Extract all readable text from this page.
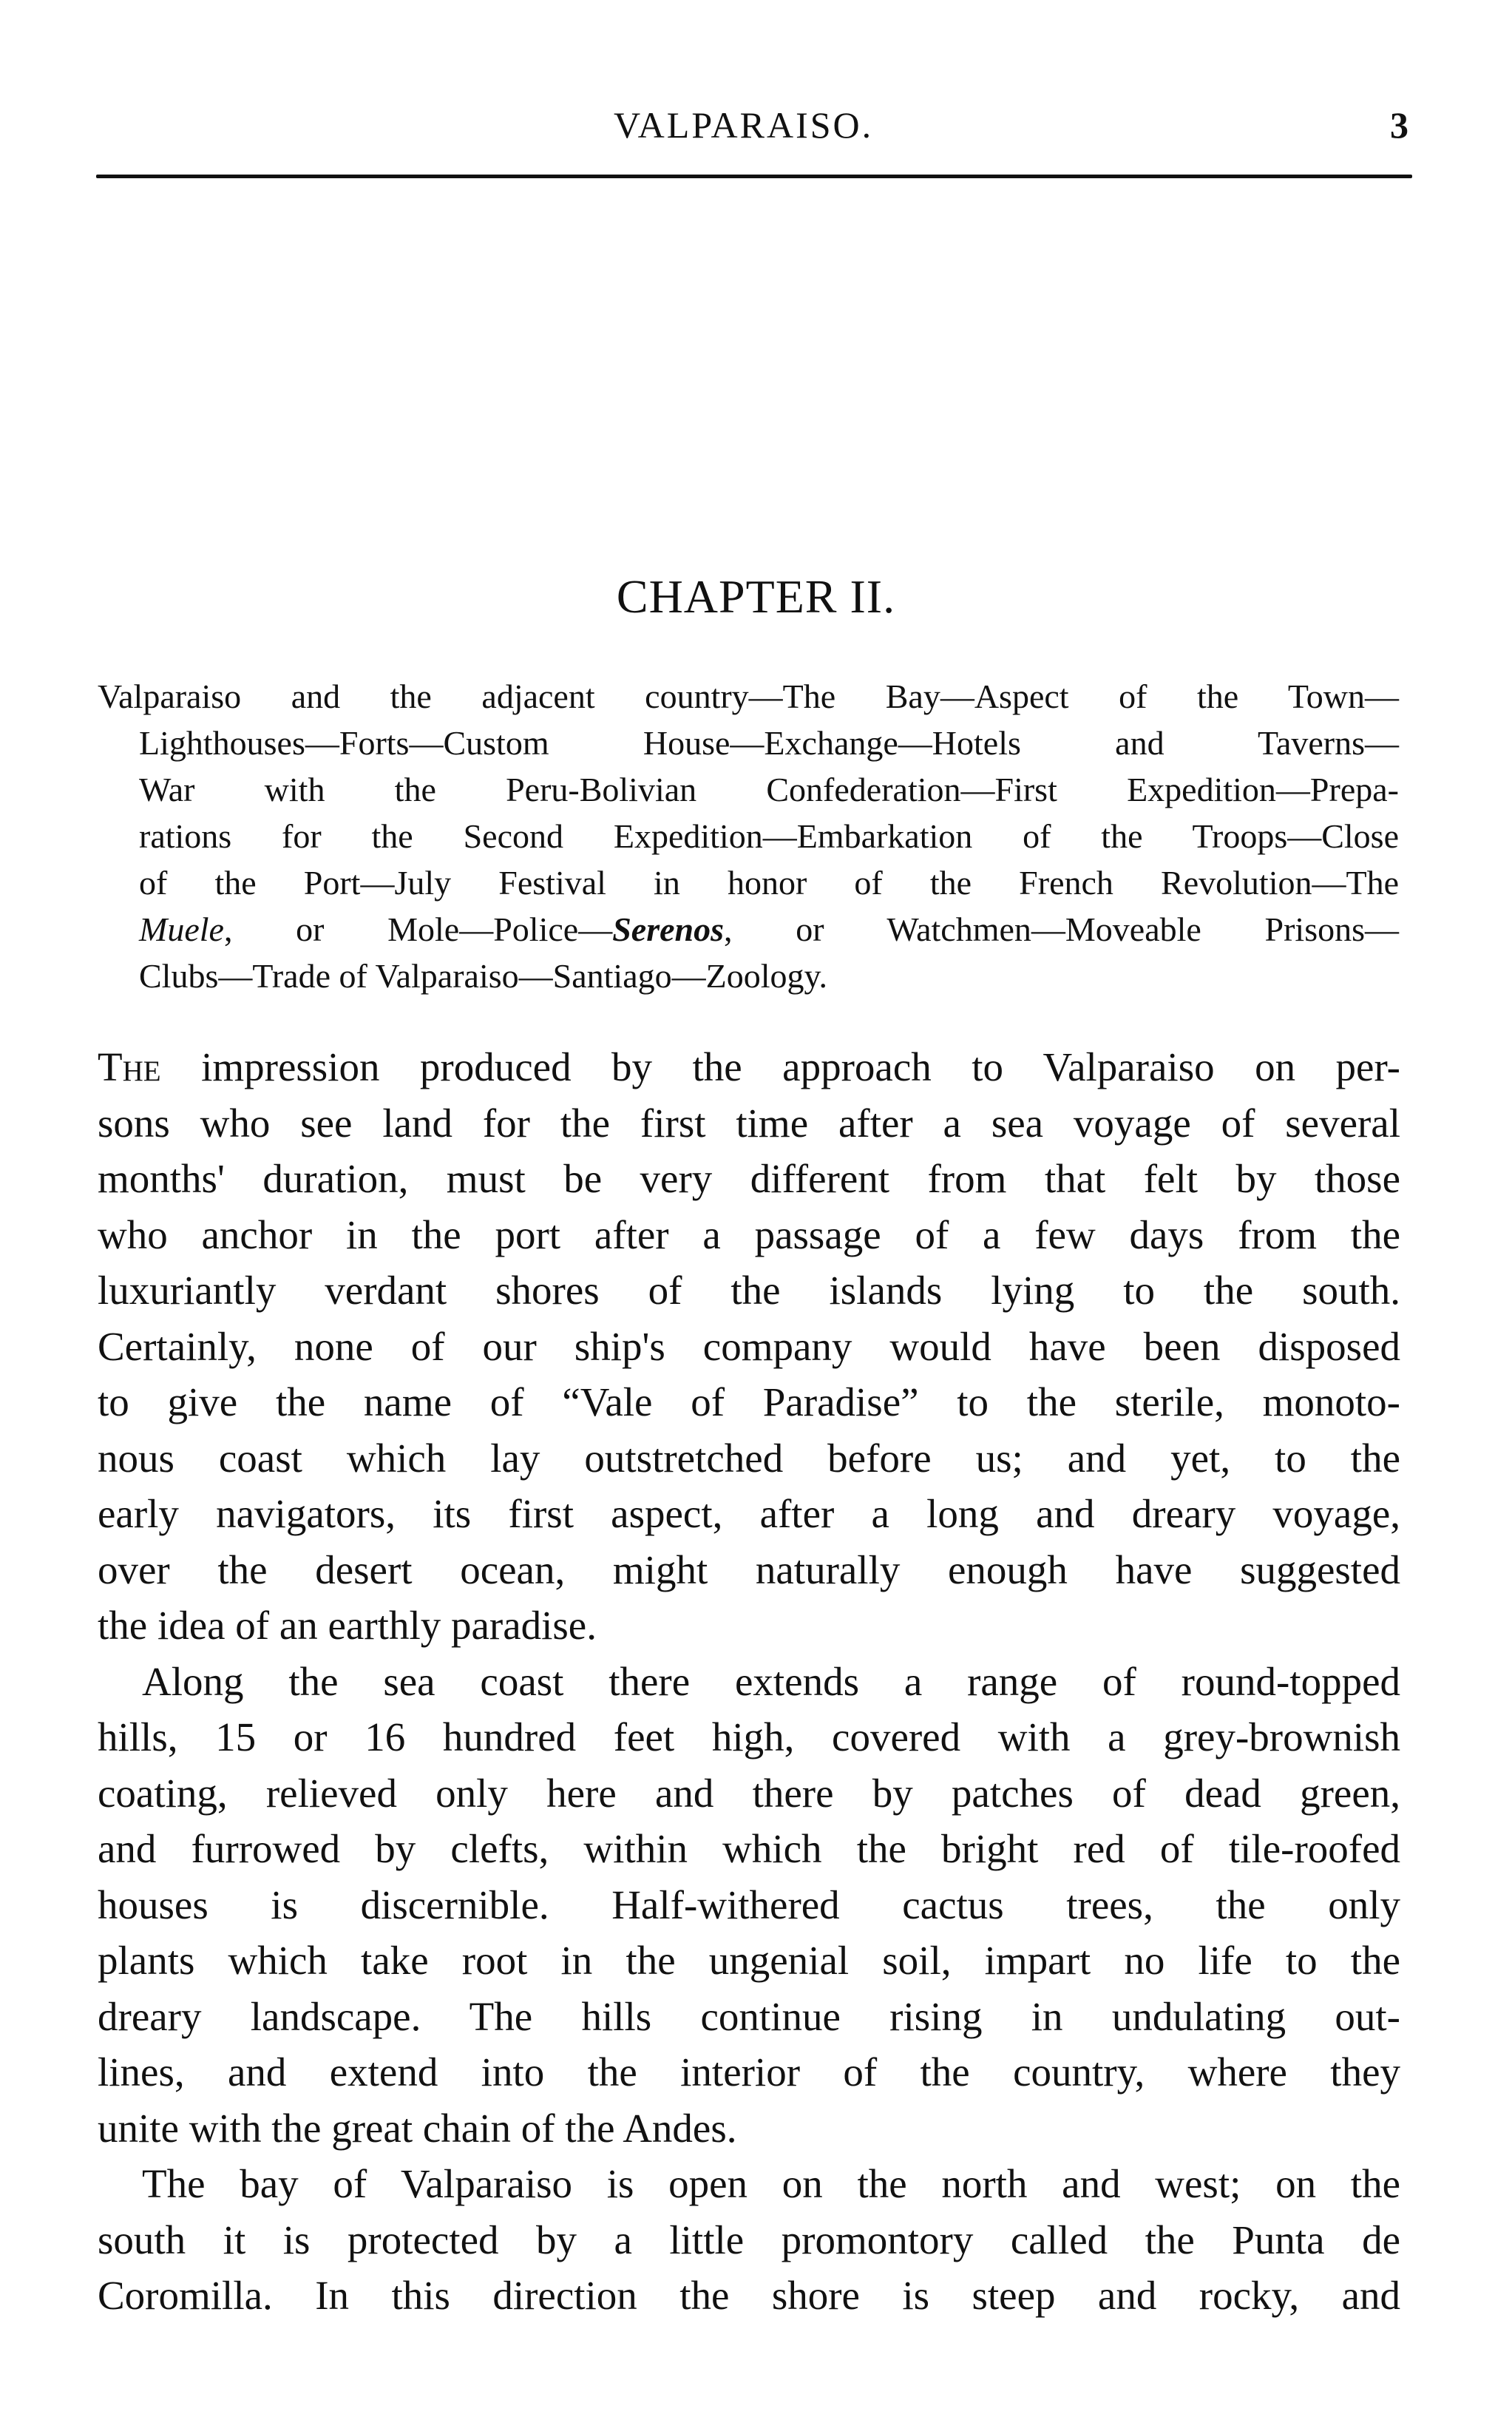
VALPARAISO.	3
CHAPTER II.
Valparaiso and the adjacent country—The Bay—Aspect of the Town—
Lighthouses—Forts—Custom House—Exchange—Hotels and Taverns—
War with the Peru-Bolivian Confederation—First Expedition—Prepa-
rations for the Second Expedition—Embarkation of the Troops—Close
of the Port—July Festival in honor of the French Revolution—The
Muele, or Mole—Police—Serenos, or Watchmen—Moveable Prisons—
Clubs—Trade of Valparaiso—Santiago—Zoology.
The impression produced by the approach to Valparaiso on per-
sons who see land for the first time after a sea voyage of several
months' duration, must be very different from that felt by those
who anchor in the port after a passage of a few days from the
luxuriantly verdant shores of the islands lying to the south.
Certainly, none of our ship's company would have been disposed
to give the name of “Vale of Paradise” to the sterile, monoto-
nous coast which lay outstretched before us; and yet, to the
early navigators, its first aspect, after a long and dreary voyage,
over the desert ocean, might naturally enough have suggested
the idea of an earthly paradise.
Along the sea coast there extends a range of round-topped
hills, 15 or 16 hundred feet high, covered with a grey-brownish
coating, relieved only here and there by patches of dead green,
and furrowed by clefts, within which the bright red of tile-roofed
houses is discernible. Half-withered cactus trees, the only
plants which take root in the ungenial soil, impart no life to the
dreary landscape. The hills continue rising in undulating out-
lines, and extend into the interior of the country, where they
unite with the great chain of the Andes.
The bay of Valparaiso is open on the north and west; on the
south it is protected by a little promontory called the Punta de
Coromilla. In this direction the shore is steep and rocky, and
